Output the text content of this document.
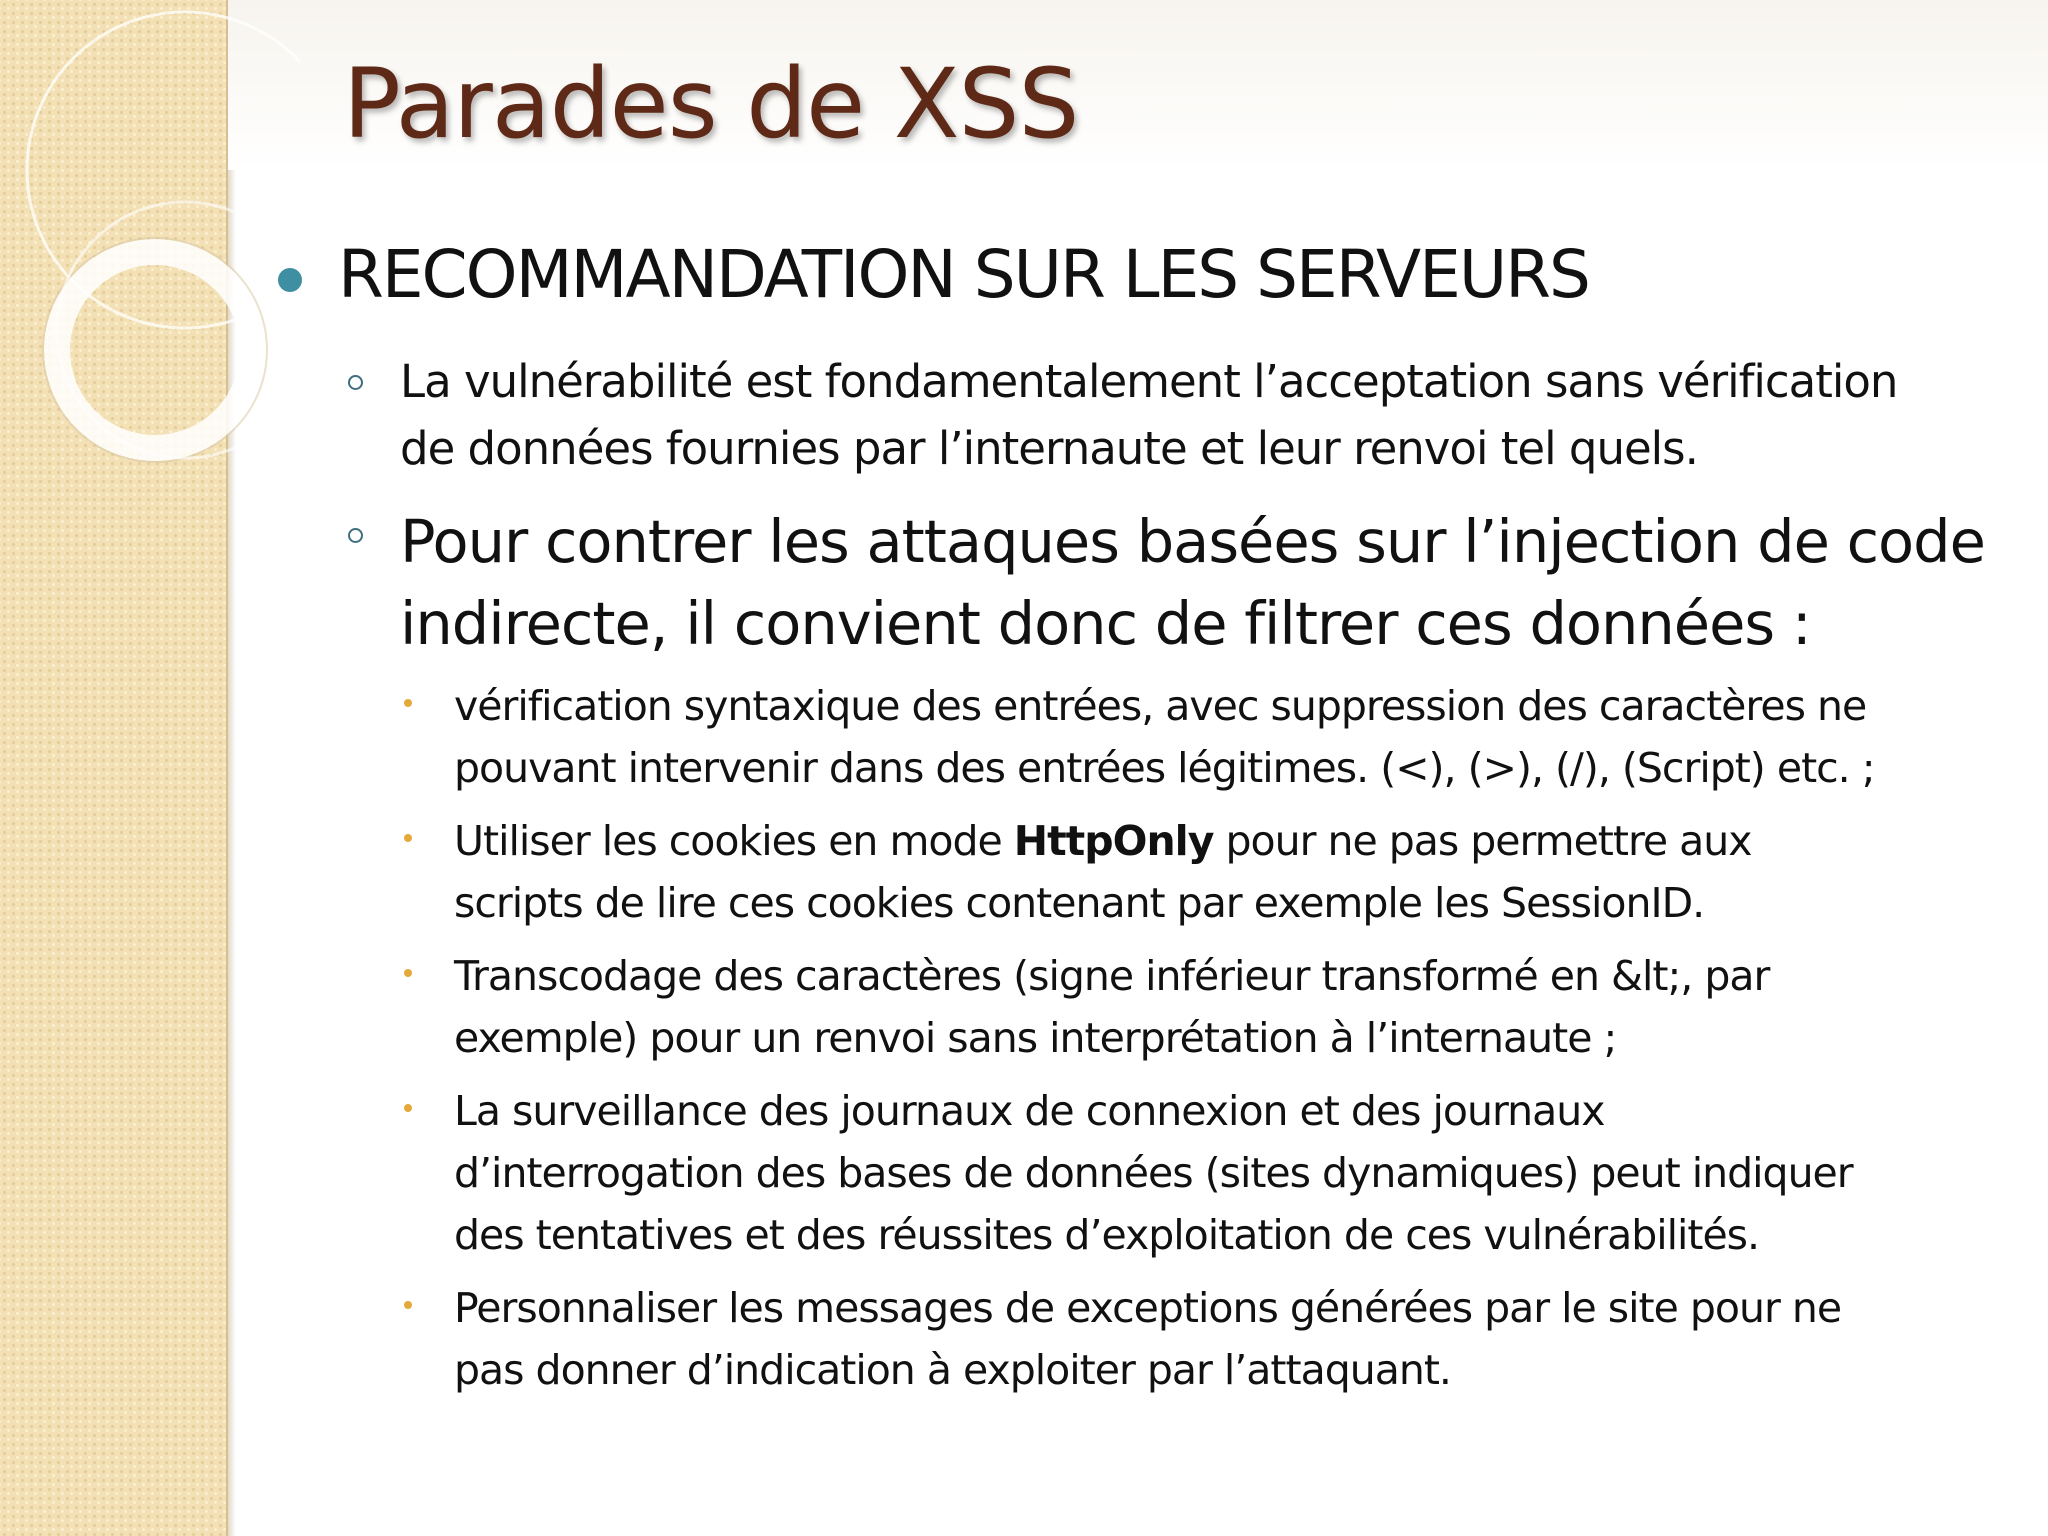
Parades de XSS
RECOMMANDATION SUR LES SERVEURS
La vulnérabilité est fondamentalement l’acceptation sans vérification
de données fournies par l’internaute et leur renvoi tel quels.
Pour contrer les attaques basées sur l’injection de code
indirecte, il convient donc de filtrer ces données :
vérification syntaxique des entrées, avec suppression des caractères ne
pouvant intervenir dans des entrées légitimes. (<), (>), (/), (Script) etc. ;
Utiliser les cookies en mode HttpOnly pour ne pas permettre aux
scripts de lire ces cookies contenant par exemple les SessionID.
Transcodage des caractères (signe inférieur transformé en &lt;, par
exemple) pour un renvoi sans interprétation à l’internaute ;
La surveillance des journaux de connexion et des journaux
d’interrogation des bases de données (sites dynamiques) peut indiquer
des tentatives et des réussites d’exploitation de ces vulnérabilités.
Personnaliser les messages de exceptions générées par le site pour ne
pas donner d’indication à exploiter par l’attaquant.
